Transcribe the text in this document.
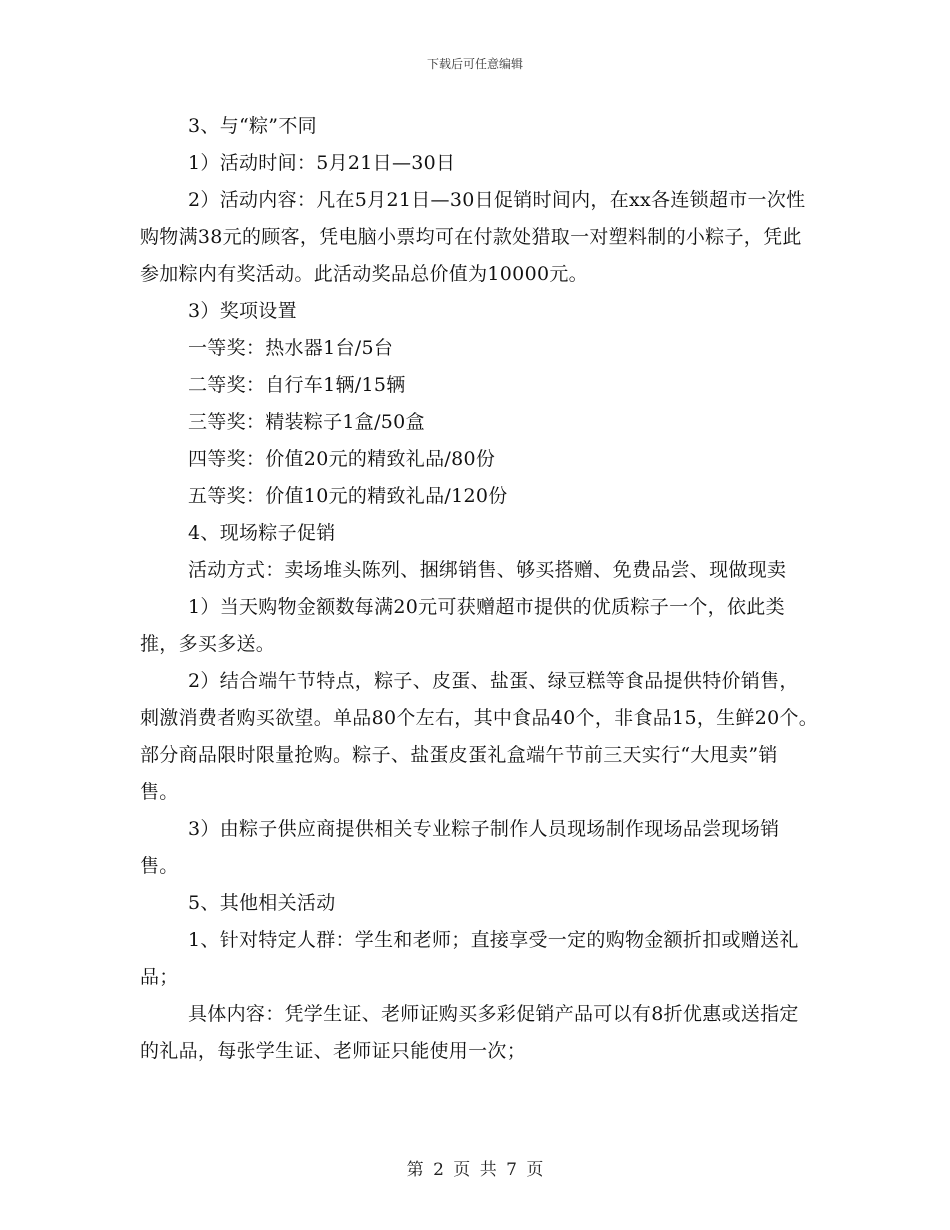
下载后可任意编辑

3、与“粽”不同

1）活动时间：5月21日—30日

2）活动内容：凡在5月21日—30日促销时间内，在xx各连锁超市一次性购物满38元的顾客，凭电脑小票均可在付款处猎取一对塑料制的小粽子，凭此参加粽内有奖活动。此活动奖品总价值为10000元。

3）奖项设置

一等奖：热水器1台/5台

二等奖：自行车1辆/15辆

三等奖：精装粽子1盒/50盒

四等奖：价值20元的精致礼品/80份

五等奖：价值10元的精致礼品/120份

4、现场粽子促销

活动方式：卖场堆头陈列、捆绑销售、够买搭赠、免费品尝、现做现卖

1）当天购物金额数每满20元可获赠超市提供的优质粽子一个，依此类推，多买多送。

2）结合端午节特点，粽子、皮蛋、盐蛋、绿豆糕等食品提供特价销售，刺激消费者购买欲望。单品80个左右，其中食品40个，非食品15，生鲜20个。　　部分商品限时限量抢购。粽子、盐蛋皮蛋礼盒端午节前三天实行“大甩卖”销售。

3）由粽子供应商提供相关专业粽子制作人员现场制作现场品尝现场销售。

5、其他相关活动

1、针对特定人群：学生和老师；直接享受一定的购物金额折扣或赠送礼品；

具体内容：凭学生证、老师证购买多彩促销产品可以有8折优惠或送指定的礼品，每张学生证、老师证只能使用一次；

第 2 页 共 7 页
